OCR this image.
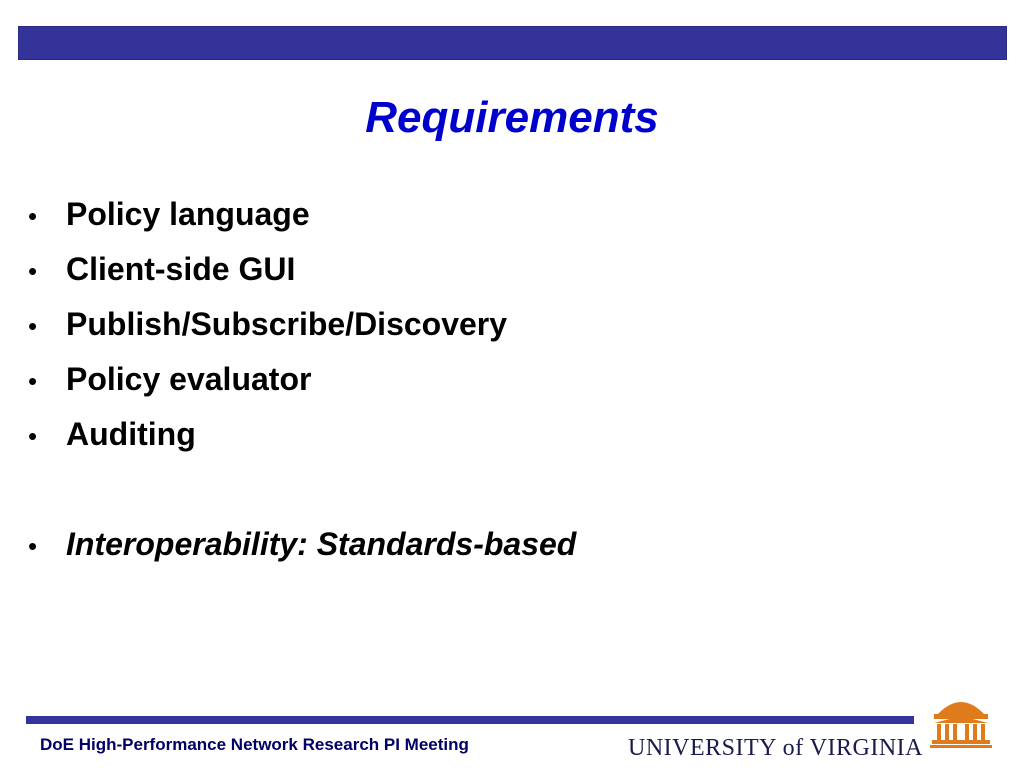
Requirements
• Policy language
• Client-side GUI
• Publish/Subscribe/Discovery
• Policy evaluator
• Auditing
• Interoperability: Standards-based
DoE High-Performance Network Research PI Meeting	UNIVERSITY of VIRGINIA
